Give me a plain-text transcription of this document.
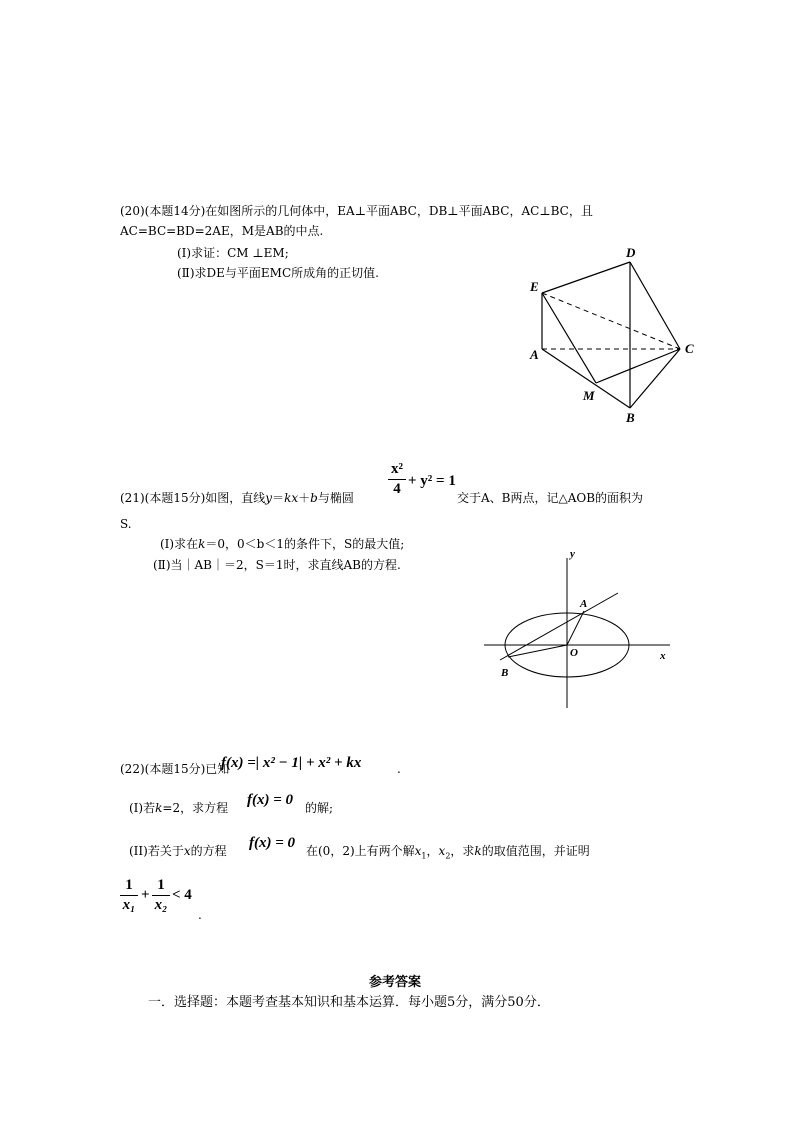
(20)(本题14分)在如图所示的几何体中，EA⊥平面ABC，DB⊥平面ABC，AC⊥BC，且
AC=BC=BD=2AE，M是AB的中点.
(I)求证：CM ⊥EM;
(Ⅱ)求DE与平面EMC所成角的正切值.
D
E
A	C
M
B
(21)(本题15分)如图，直线y＝kx＋b与椭圆
x²
4 + y² = 1
交于A、B两点，记△AOB的面积为
S.
(I)求在k＝0，0＜b＜1的条件下，S的最大值;
(Ⅱ)当｜AB｜＝2，S＝1时，求直线AB的方程.
y
x
A
O
B
(22)(本题15分)已知
f(x) =| x² − 1| + x² + kx	.
(I)若k=2，求方程 f(x) = 0 的解;
(II)若关于x的方程 f(x) = 0 在(0，2)上有两个解$x_1$，$x_2$，求k的取值范围，并证明
1
x₁
+
1
x₂
< 4
.
参考答案
一．选择题：本题考查基本知识和基本运算．每小题5分，满分50分．
